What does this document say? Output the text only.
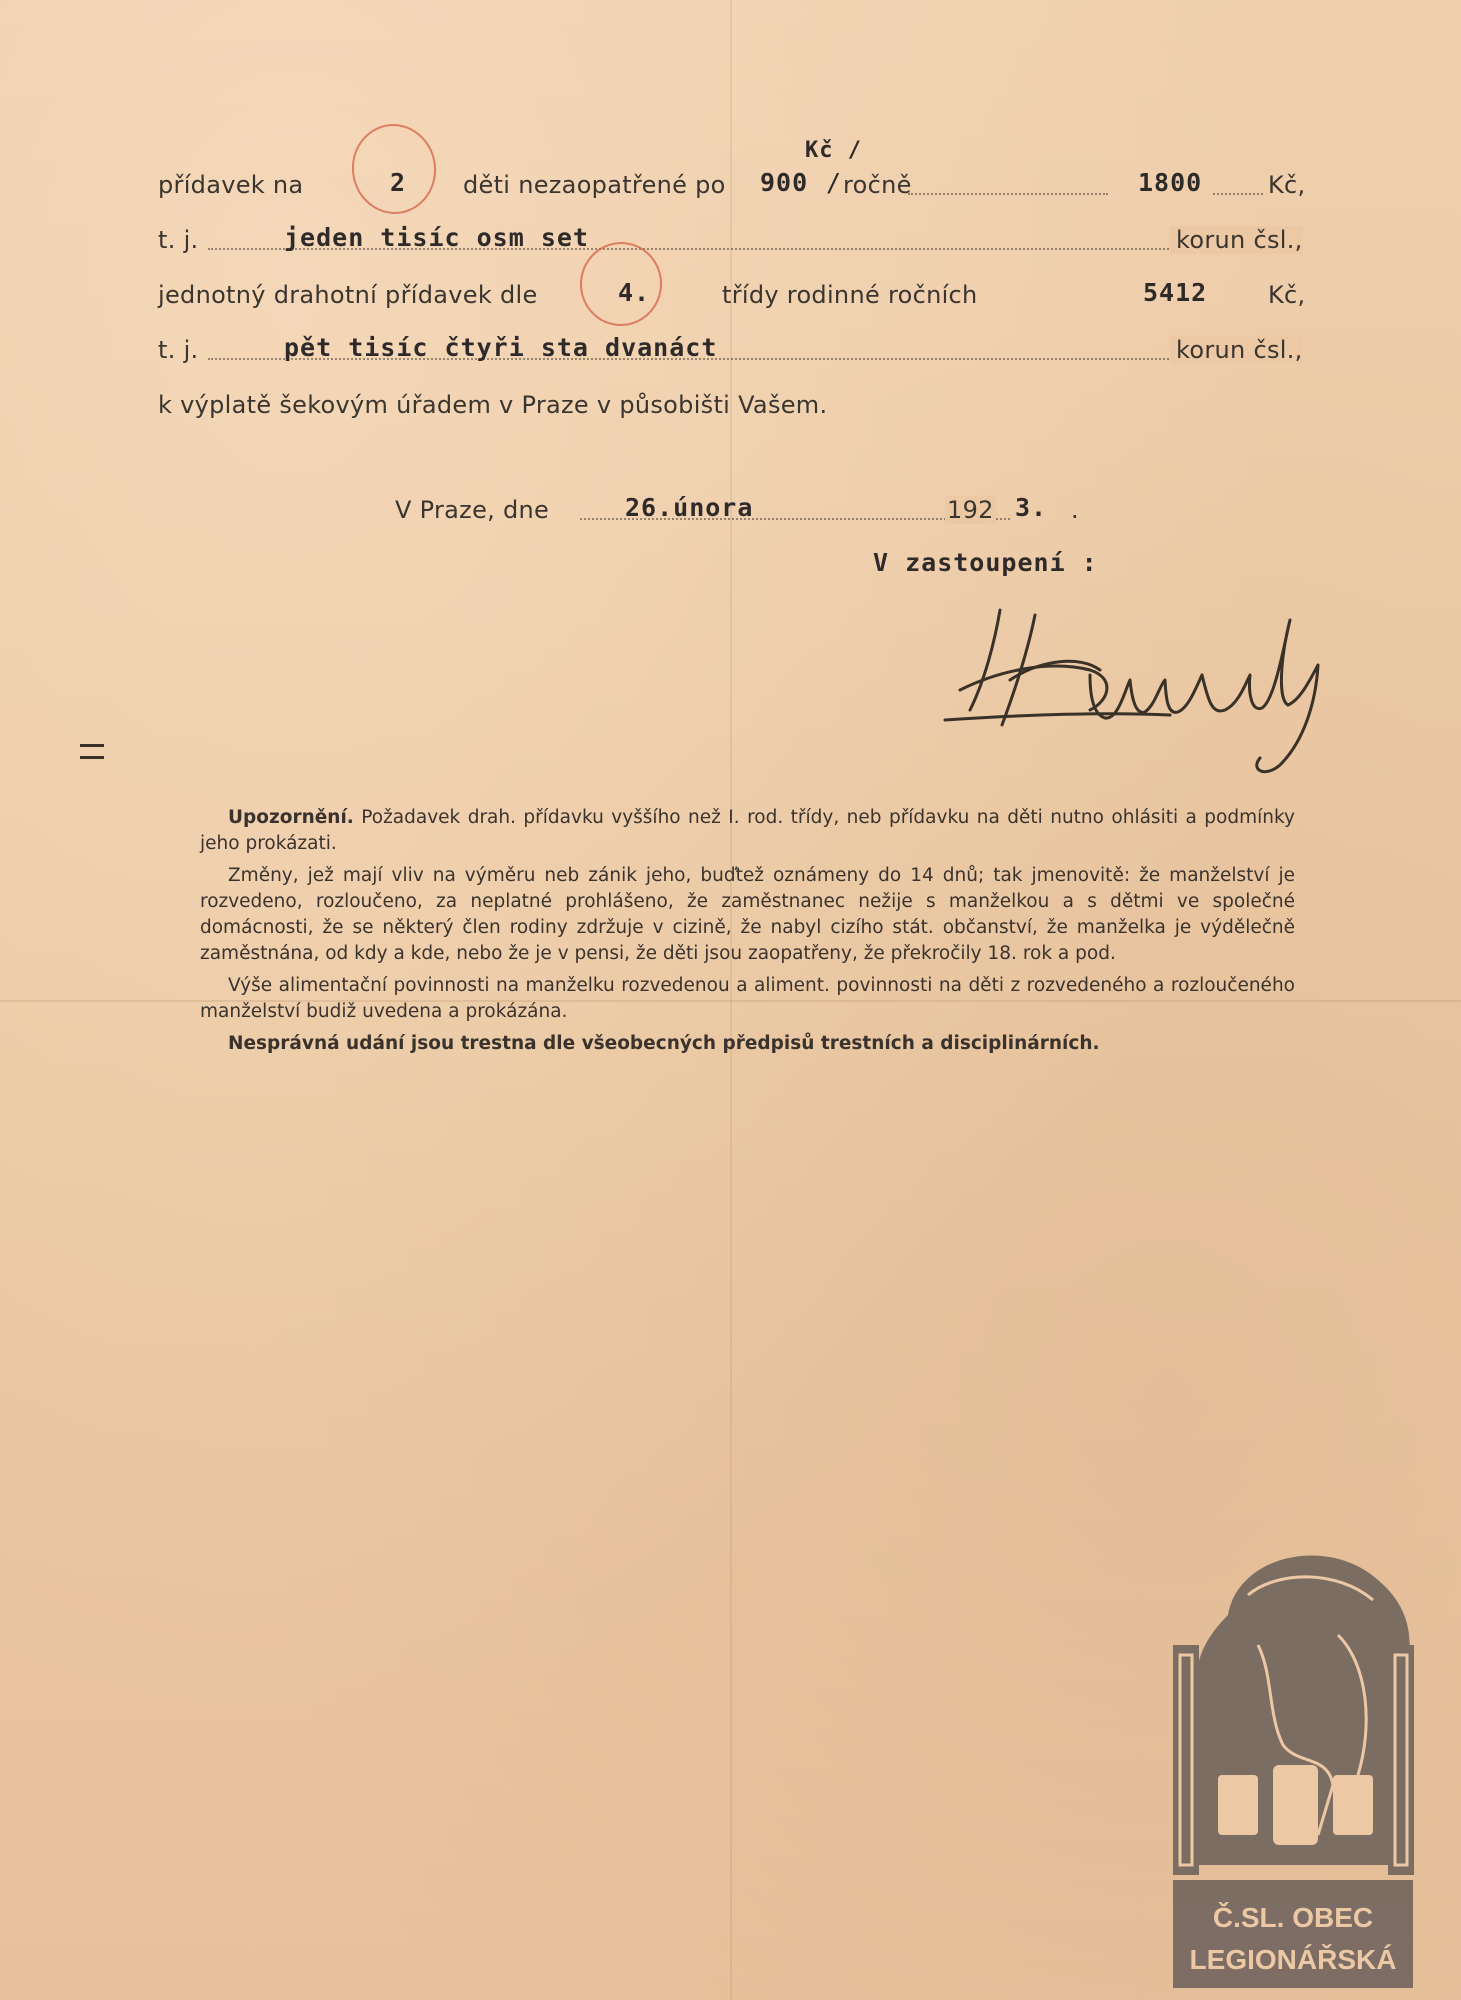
přídavek na	2 děti nezaopatřené po
Kč /
900 / ročně	1800	Kč,
t. j.	jeden tisíc osm set	korun čsl.,
jednotný drahotní přídavek dle	4.	třídy rodinné ročních	5412	Kč,
t. j.	pět tisíc čtyři sta dvanáct	korun čsl.,
k výplatě šekovým úřadem v Praze v působišti Vašem.
V Praze, dne	26.února	192 3. .
V zastoupení :

Upozornění. Požadavek drah. přídavku vyššího než I. rod. třídy, neb přídavku na děti nutno ohlásiti a podmínky jeho prokázati.

Změny, jež mají vliv na výměru neb zánik jeho, buďtež oznámeny do 14 dnů; tak jmenovitě: že manželství je rozvedeno, rozloučeno, za neplatné prohlášeno, že zaměstnanec nežije s manželkou a s dětmi ve společné domácnosti, že se některý člen rodiny zdržuje v cizině, že nabyl cizího stát. občanství, že manželka je výdělečně zaměstnána, od kdy a kde, nebo že je v pensi, že děti jsou zaopatřeny, že překročily 18. rok a pod.

Výše alimentační povinnosti na manželku rozvedenou a aliment. povinnosti na děti z rozvedeného a rozloučeného manželství budiž uvedena a prokázána.

Nesprávná udání jsou trestna dle všeobecných předpisů trestních a disciplinárních.

Č.SL. OBEC
LEGIONÁŘSKÁ
